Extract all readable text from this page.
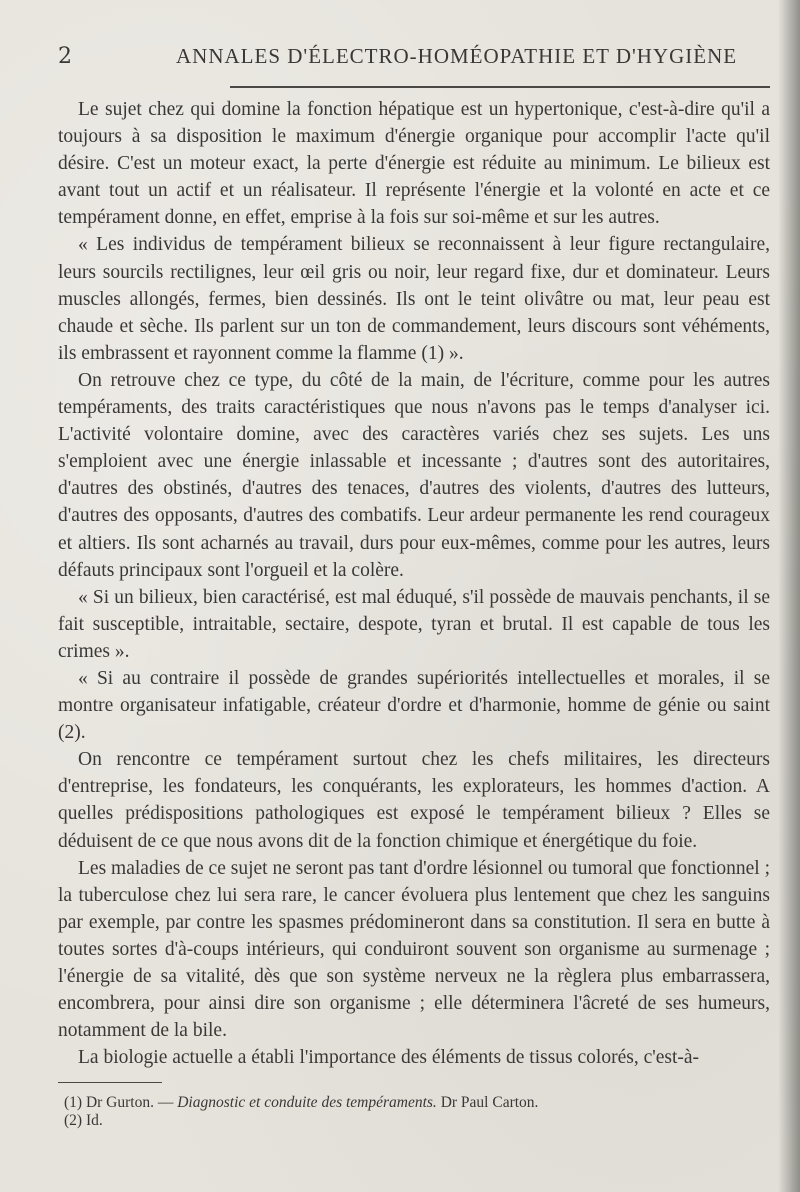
2	ANNALES D'ÉLECTRO-HOMÉOPATHIE ET D'HYGIÈNE

Le sujet chez qui domine la fonction hépatique est un hypertonique, c'est-à-dire qu'il a toujours à sa disposition le maximum d'énergie organique pour accomplir l'acte qu'il désire. C'est un moteur exact, la perte d'énergie est réduite au minimum. Le bilieux est avant tout un actif et un réalisateur. Il représente l'énergie et la volonté en acte et ce tempérament donne, en effet, emprise à la fois sur soi-même et sur les autres.

« Les individus de tempérament bilieux se reconnaissent à leur figure rectangulaire, leurs sourcils rectilignes, leur œil gris ou noir, leur regard fixe, dur et dominateur. Leurs muscles allongés, fermes, bien dessinés. Ils ont le teint olivâtre ou mat, leur peau est chaude et sèche. Ils parlent sur un ton de commandement, leurs discours sont véhéments, ils embrassent et rayonnent comme la flamme (1) ».

On retrouve chez ce type, du côté de la main, de l'écriture, comme pour les autres tempéraments, des traits caractéristiques que nous n'avons pas le temps d'analyser ici. L'activité volontaire domine, avec des caractères variés chez ses sujets. Les uns s'emploient avec une énergie inlassable et incessante ; d'autres sont des autoritaires, d'autres des obstinés, d'autres des tenaces, d'autres des violents, d'autres des lutteurs, d'autres des opposants, d'autres des combatifs. Leur ardeur permanente les rend courageux et altiers. Ils sont acharnés au travail, durs pour eux-mêmes, comme pour les autres, leurs défauts principaux sont l'orgueil et la colère.

« Si un bilieux, bien caractérisé, est mal éduqué, s'il possède de mauvais penchants, il se fait susceptible, intraitable, sectaire, despote, tyran et brutal. Il est capable de tous les crimes ».

« Si au contraire il possède de grandes supériorités intellectuelles et morales, il se montre organisateur infatigable, créateur d'ordre et d'harmonie, homme de génie ou saint (2).

On rencontre ce tempérament surtout chez les chefs militaires, les directeurs d'entreprise, les fondateurs, les conquérants, les explorateurs, les hommes d'action. A quelles prédispositions pathologiques est exposé le tempérament bilieux ? Elles se déduisent de ce que nous avons dit de la fonction chimique et énergétique du foie.

Les maladies de ce sujet ne seront pas tant d'ordre lésionnel ou tumoral que fonctionnel ; la tuberculose chez lui sera rare, le cancer évoluera plus lentement que chez les sanguins par exemple, par contre les spasmes prédomineront dans sa constitution. Il sera en butte à toutes sortes d'à-coups intérieurs, qui conduiront souvent son organisme au surmenage ; l'énergie de sa vitalité, dès que son système nerveux ne la règlera plus embarrassera, encombrera, pour ainsi dire son organisme ; elle déterminera l'âcreté de ses humeurs, notamment de la bile.

La biologie actuelle a établi l'importance des éléments de tissus colorés, c'est-à-

(1) Dr Gurton. — Diagnostic et conduite des tempéraments. Dr Paul Carton.
(2) Id.
